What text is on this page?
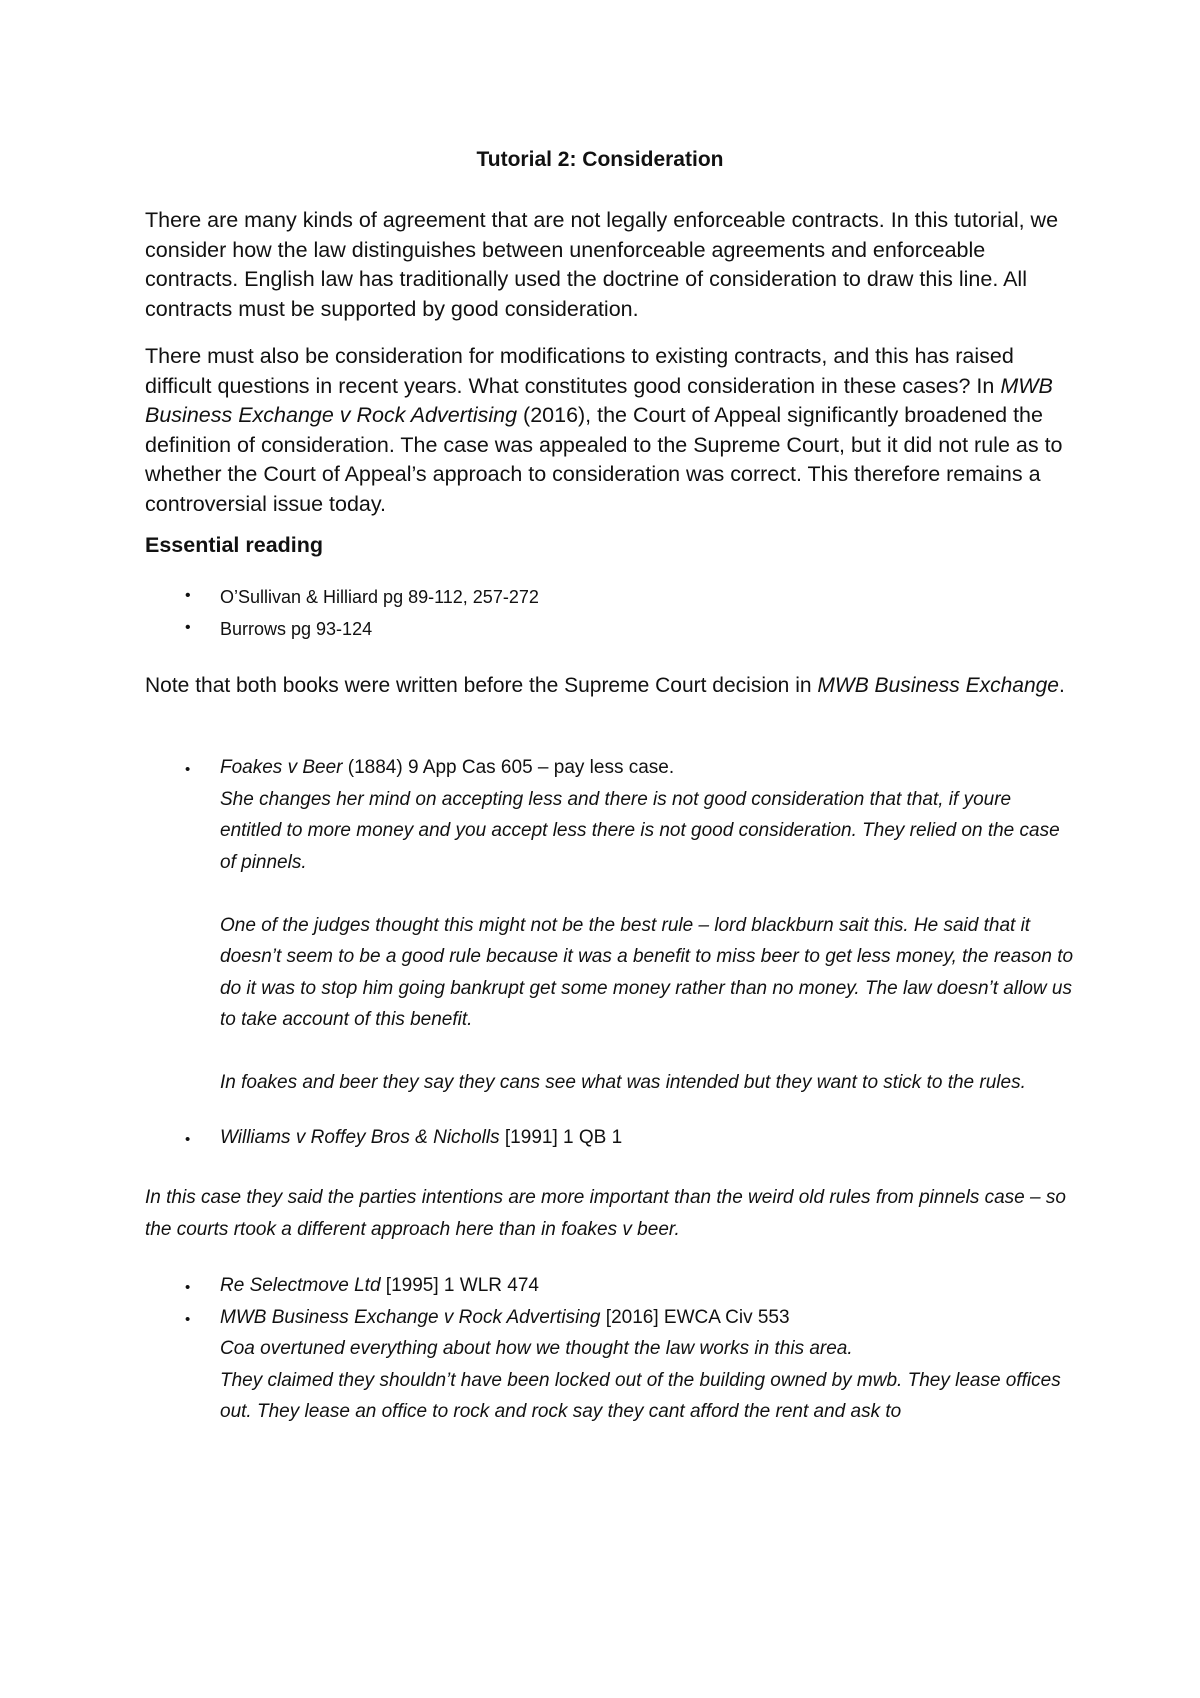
Tutorial 2: Consideration
There are many kinds of agreement that are not legally enforceable contracts. In this tutorial, we consider how the law distinguishes between unenforceable agreements and enforceable contracts. English law has traditionally used the doctrine of consideration to draw this line. All contracts must be supported by good consideration.
There must also be consideration for modifications to existing contracts, and this has raised difficult questions in recent years. What constitutes good consideration in these cases? In MWB Business Exchange v Rock Advertising (2016), the Court of Appeal significantly broadened the definition of consideration. The case was appealed to the Supreme Court, but it did not rule as to whether the Court of Appeal’s approach to consideration was correct. This therefore remains a controversial issue today.
Essential reading
• O’Sullivan & Hilliard pg 89-112, 257-272
• Burrows pg 93-124
Note that both books were written before the Supreme Court decision in MWB Business Exchange.
• Foakes v Beer (1884) 9 App Cas 605 – pay less case.

She changes her mind on accepting less and there is not good consideration that that, if youre entitled to more money and you accept less there is not good consideration. They relied on the case of pinnels.

One of the judges thought this might not be the best rule – lord blackburn sait this. He said that it doesn’t seem to be a good rule because it was a benefit to miss beer to get less money, the reason to do it was to stop him going bankrupt get some money rather than no money. The law doesn’t allow us to take account of this benefit.

In foakes and beer they say they cans see what was intended but they want to stick to the rules.

• Williams v Roffey Bros & Nicholls [1991] 1 QB 1
In this case they said the parties intentions are more important than the weird old rules from pinnels case – so the courts rtook a different approach here than in foakes v beer.
• Re Selectmove Ltd [1995] 1 WLR 474
• MWB Business Exchange v Rock Advertising [2016] EWCA Civ 553

Coa overtuned everything about how we thought the law works in this area.

They claimed they shouldn’t have been locked out of the building owned by mwb. They lease offices out. They lease an office to rock and rock say they cant afford the rent and ask to
